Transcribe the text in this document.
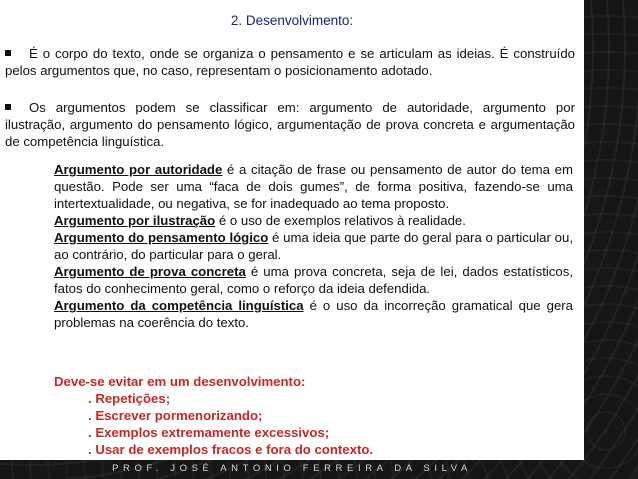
2. Desenvolvimento:

É o corpo do texto, onde se organiza o pensamento e se articulam as ideias. É construído pelos argumentos que, no caso, representam o posicionamento adotado.

Os argumentos podem se classificar em: argumento de autoridade, argumento por ilustração, argumento do pensamento lógico, argumentação de prova concreta e argumentação de competência linguística.

Argumento por autoridade é a citação de frase ou pensamento de autor do tema em questão. Pode ser uma “faca de dois gumes”, de forma positiva, fazendo-se uma intertextualidade, ou negativa, se for inadequado ao tema proposto.
Argumento por ilustração é o uso de exemplos relativos à realidade.
Argumento do pensamento lógico é uma ideia que parte do geral para o particular ou, ao contrário, do particular para o geral.
Argumento de prova concreta é uma prova concreta, seja de lei, dados estatísticos, fatos do conhecimento geral, como o reforço da ideia defendida.
Argumento da competência linguística é o uso da incorreção gramatical que gera problemas na coerência do texto.

Deve-se evitar em um desenvolvimento:

. Repetições;
. Escrever pormenorizando;
. Exemplos extremamente excessivos;
. Usar de exemplos fracos e fora do contexto.

PROF. JOSÉ ANTONIO FERREIRA DA SILVA
